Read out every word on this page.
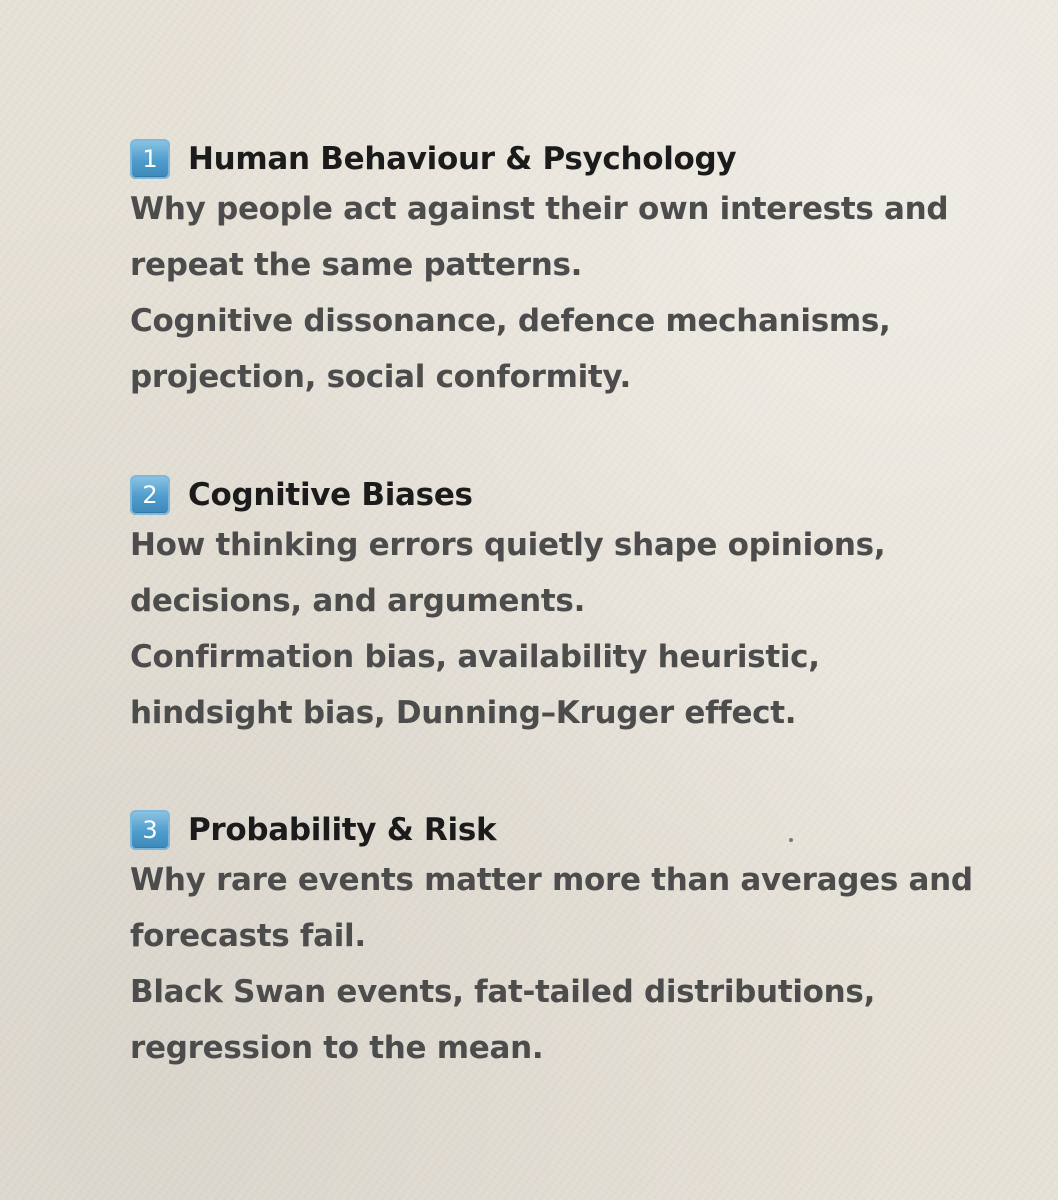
1 Human Behaviour & Psychology
Why people act against their own interests and
repeat the same patterns.
Cognitive dissonance, defence mechanisms,
projection, social conformity.
2 Cognitive Biases
How thinking errors quietly shape opinions,
decisions, and arguments.
Confirmation bias, availability heuristic,
hindsight bias, Dunning–Kruger effect.
3 Probability & Risk
Why rare events matter more than averages and
forecasts fail.
Black Swan events, fat-tailed distributions,
regression to the mean.
